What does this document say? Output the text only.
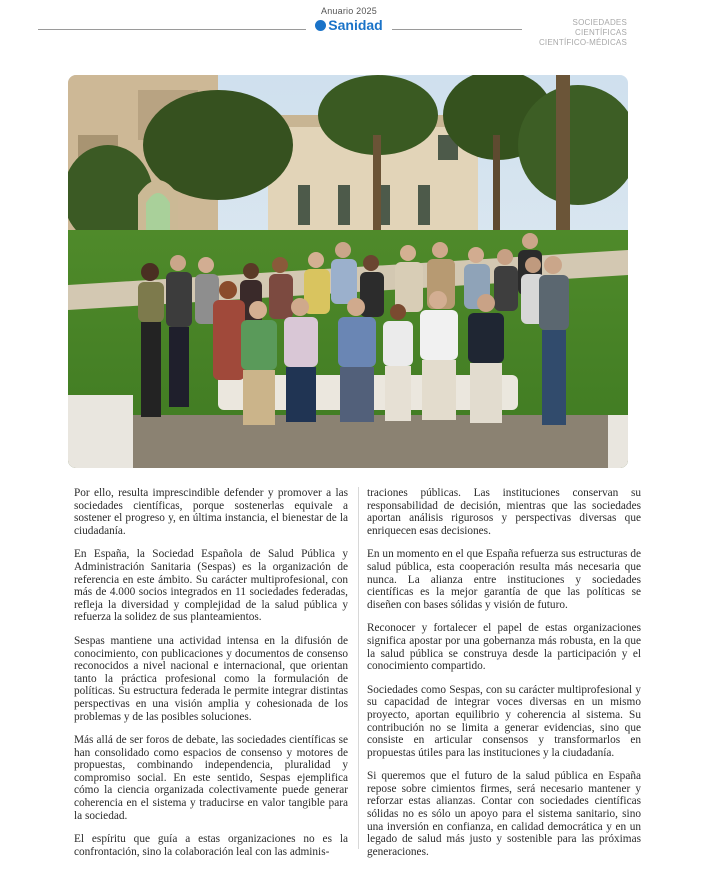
Anuario 2025
Sanidad	SOCIEDADES CIENTÍFICAS
CIENTÍFICO-MÉDICAS

Por ello, resulta imprescindible defender y promover a las sociedades científicas, porque sostenerlas equivale a sostener el progreso y, en última instancia, el bienestar de la ciudadanía.

En España, la Sociedad Española de Salud Pública y Administración Sanitaria (Sespas) es la organización de referencia en este ámbito. Su carácter multiprofesional, con más de 4.000 socios integrados en 11 sociedades federadas, refleja la diversidad y complejidad de la salud pública y refuerza la solidez de sus planteamientos.

Sespas mantiene una actividad intensa en la difusión de conocimiento, con publicaciones y documentos de consenso reconocidos a nivel nacional e internacional, que orientan tanto la práctica profesional como la formulación de políticas. Su estructura federada le permite integrar distintas perspectivas en una visión amplia y cohesionada de los problemas y de las posibles soluciones.

Más allá de ser foros de debate, las sociedades científicas se han consolidado como espacios de consenso y motores de propuestas, combinando independencia, pluralidad y compromiso social. En este sentido, Sespas ejemplifica cómo la ciencia organizada colectivamente puede generar coherencia en el sistema y traducirse en valor tangible para la sociedad.

El espíritu que guía a estas organizaciones no es la confrontación, sino la colaboración leal con las adminis-

traciones públicas. Las instituciones conservan su responsabilidad de decisión, mientras que las sociedades aportan análisis rigurosos y perspectivas diversas que enriquecen esas decisiones.

En un momento en el que España refuerza sus estructuras de salud pública, esta cooperación resulta más necesaria que nunca. La alianza entre instituciones y sociedades científicas es la mejor garantía de que las políticas se diseñen con bases sólidas y visión de futuro.

Reconocer y fortalecer el papel de estas organizaciones significa apostar por una gobernanza más robusta, en la que la salud pública se construya desde la participación y el conocimiento compartido.

Sociedades como Sespas, con su carácter multiprofesional y su capacidad de integrar voces diversas en un mismo proyecto, aportan equilibrio y coherencia al sistema. Su contribución no se limita a generar evidencias, sino que consiste en articular consensos y transformarlos en propuestas útiles para las instituciones y la ciudadanía.

Si queremos que el futuro de la salud pública en España repose sobre cimientos firmes, será necesario mantener y reforzar estas alianzas. Contar con sociedades científicas sólidas no es sólo un apoyo para el sistema sanitario, sino una inversión en confianza, en calidad democrática y en un legado de salud más justo y sostenible para las próximas generaciones.
